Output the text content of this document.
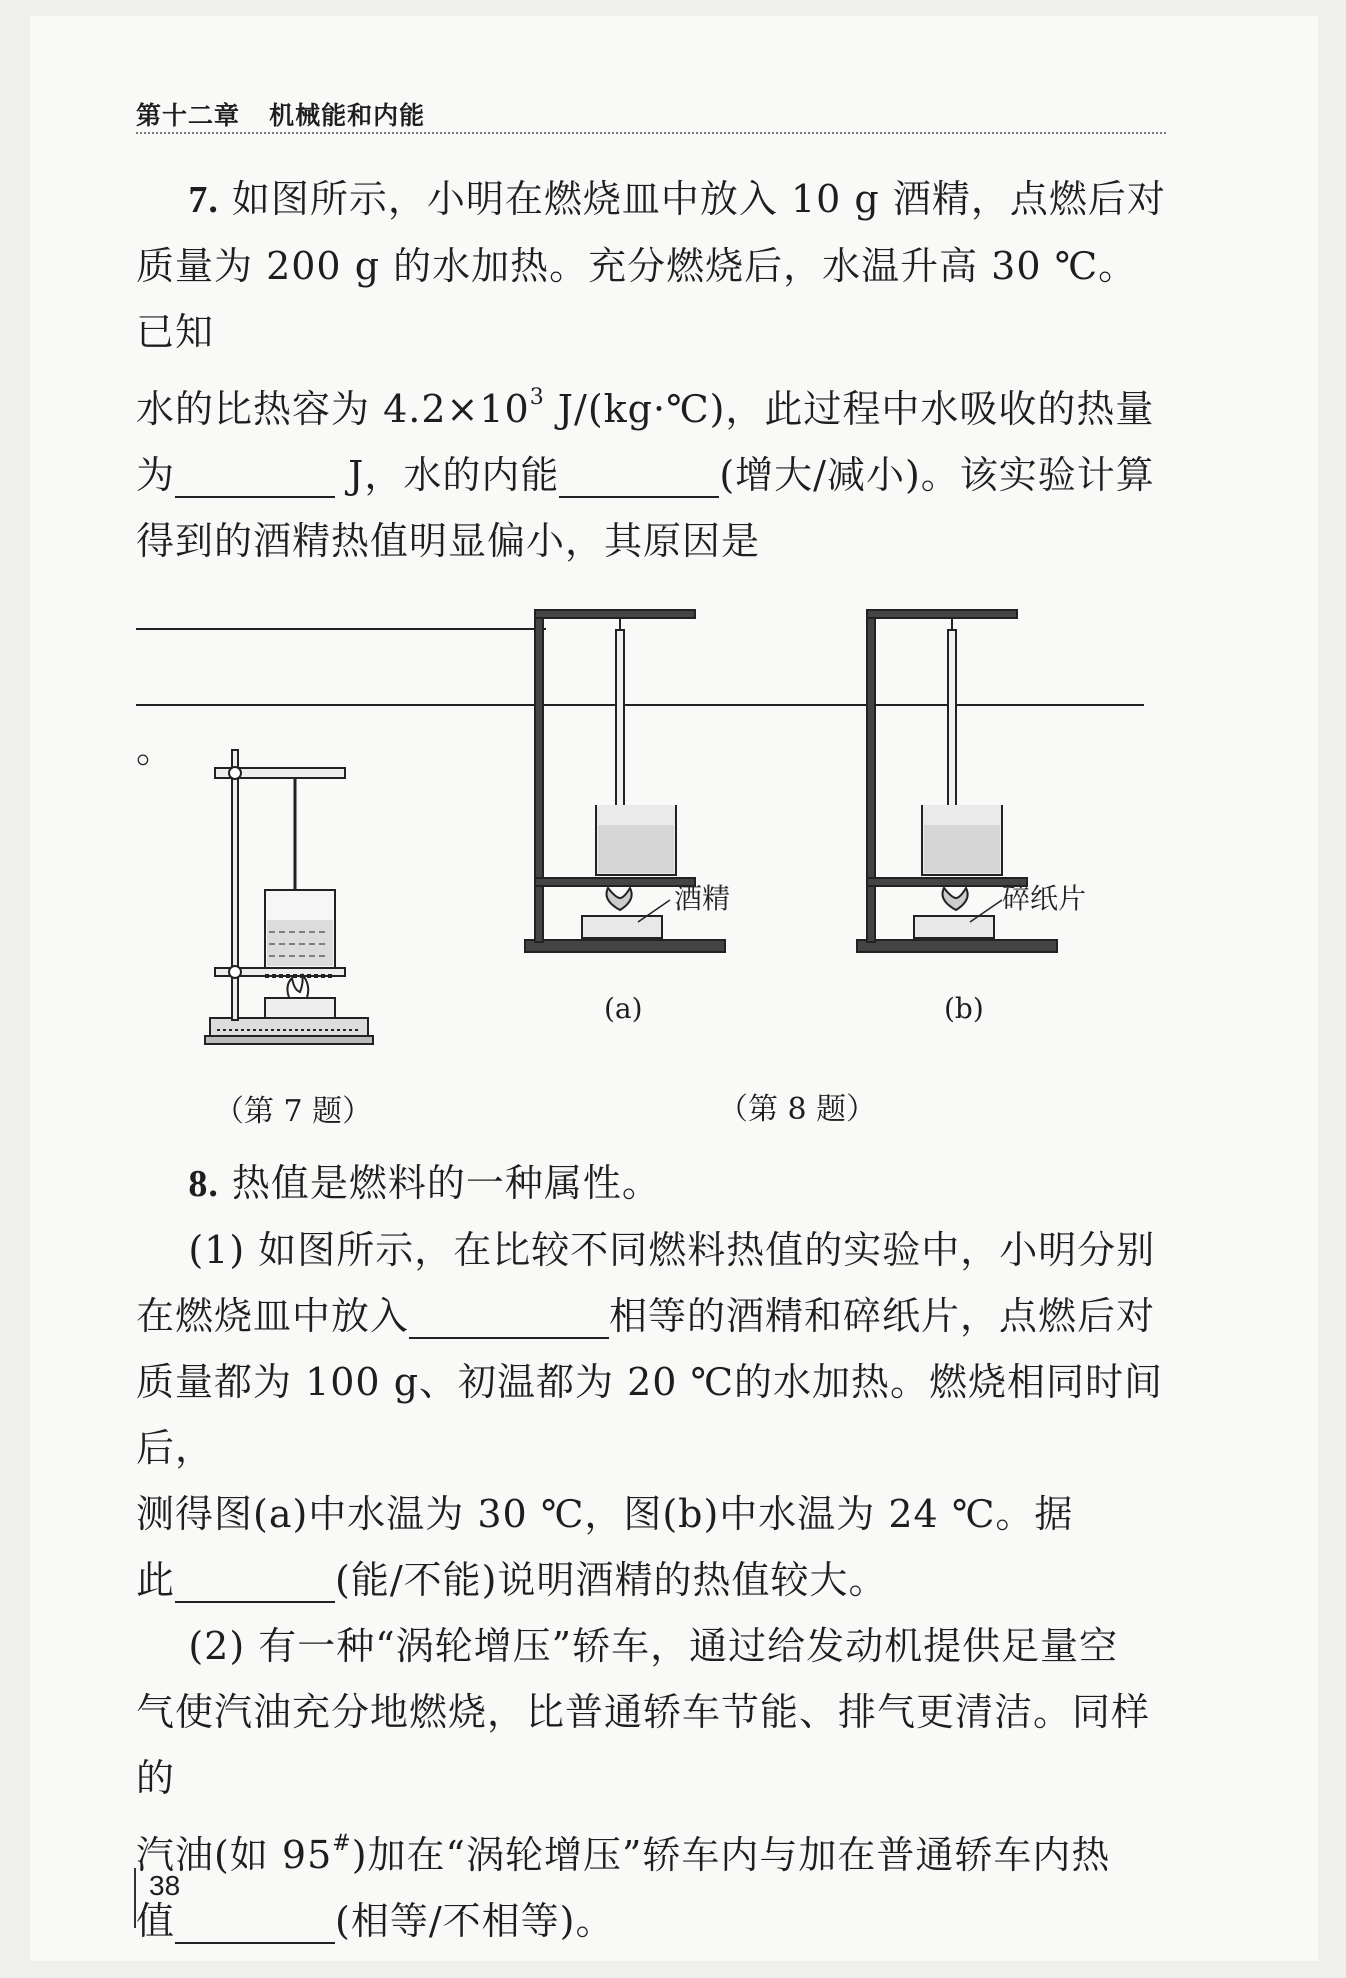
第十二章 机械能和内能
7. 如图所示，小明在燃烧皿中放入 10 g 酒精，点燃后对
质量为 200 g 的水加热。充分燃烧后，水温升高 30 ℃。已知
水的比热容为 $4.2\times 10^3$ J/(kg·℃)，此过程中水吸收的热量
为	J，水的内能	(增大/减小)。该实验计算
得到的酒精热值明显偏小，其原因是
。
酒精
(a)
碎纸片
(b)
（第 7 题）	（第 8 题）
8. 热值是燃料的一种属性。
(1) 如图所示，在比较不同燃料热值的实验中，小明分别
在燃烧皿中放入	相等的酒精和碎纸片，点燃后对
质量都为 100 g、初温都为 20 ℃的水加热。燃烧相同时间后，
测得图(a)中水温为 30 ℃，图(b)中水温为 24 ℃。据
此	(能/不能)说明酒精的热值较大。
(2) 有一种“涡轮增压”轿车，通过给发动机提供足量空
气使汽油充分地燃烧，比普通轿车节能、排气更清洁。同样的
汽油(如 95#)加在“涡轮增压”轿车内与加在普通轿车内热
值	(相等/不相等)。
38
